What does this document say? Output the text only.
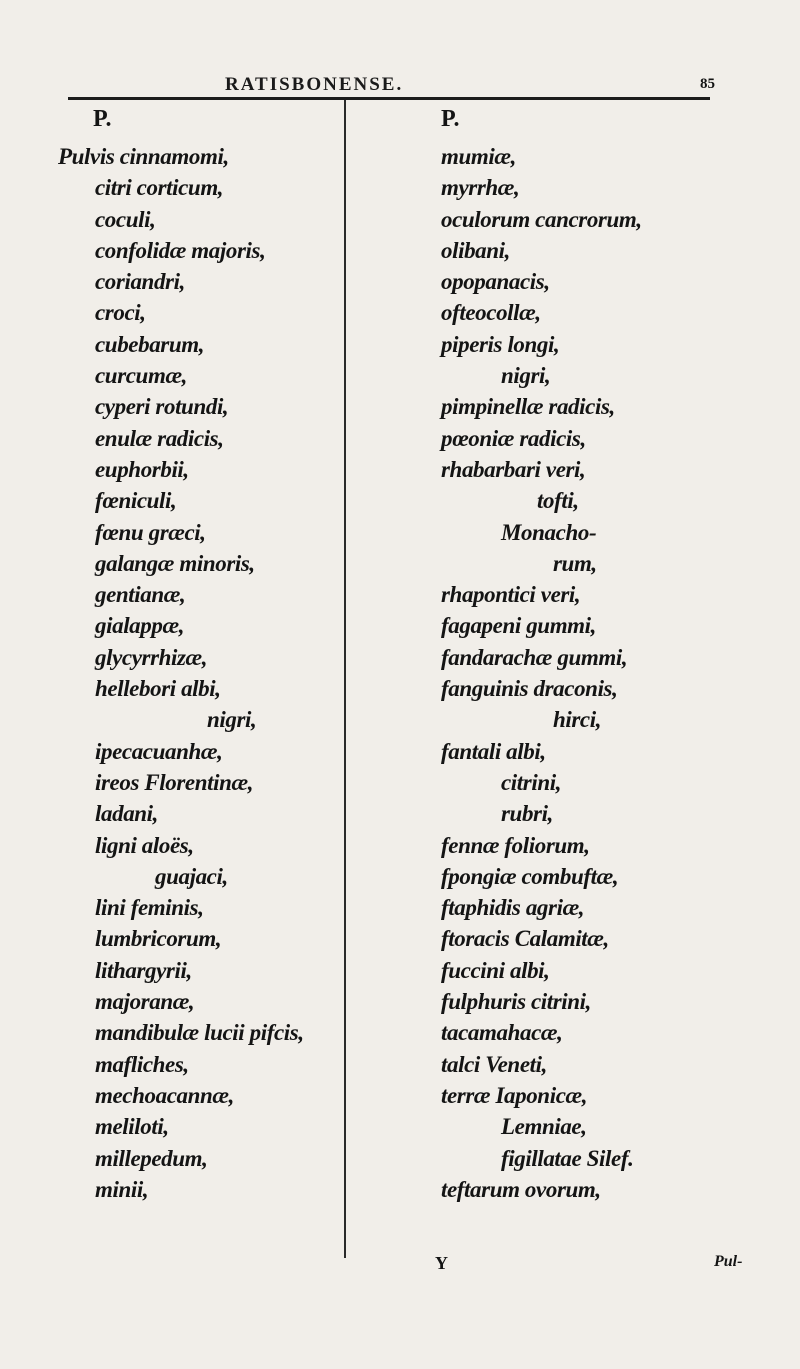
RATISBONENSE.	85
P.	P.
Pulvis cinnamomi,
citri corticum,
coculi,
confolidæ majoris,
coriandri,
croci,
cubebarum,
curcumæ,
cyperi rotundi,
enulæ radicis,
euphorbii,
fœniculi,
fœnu græci,
galangæ minoris,
gentianæ,
gialappæ,
glycyrrhizæ,
hellebori albi,
nigri,
ipecacuanhæ,
ireos Florentinæ,
ladani,
ligni aloës,
guajaci,
lini feminis,
lumbricorum,
lithargyrii,
majoranæ,
mandibulæ lucii pifcis,
mafliches,
mechoacannæ,
meliloti,
millepedum,
minii,
mumiæ,
myrrhæ,
oculorum cancrorum,
olibani,
opopanacis,
ofteocollæ,
piperis longi,
nigri,
pimpinellæ radicis,
pœoniæ radicis,
rhabarbari veri,
tofti,
Monacho-
rum,
rhapontici veri,
fagapeni gummi,
fandarachæ gummi,
fanguinis draconis,
hirci,
fantali albi,
citrini,
rubri,
fennæ foliorum,
fpongiæ combuftæ,
ftaphidis agriæ,
ftoracis Calamitæ,
fuccini albi,
fulphuris citrini,
tacamahacæ,
talci Veneti,
terræ Iaponicæ,
Lemniae,
figillatae Silef.
teftarum ovorum,
Y	Pul-
